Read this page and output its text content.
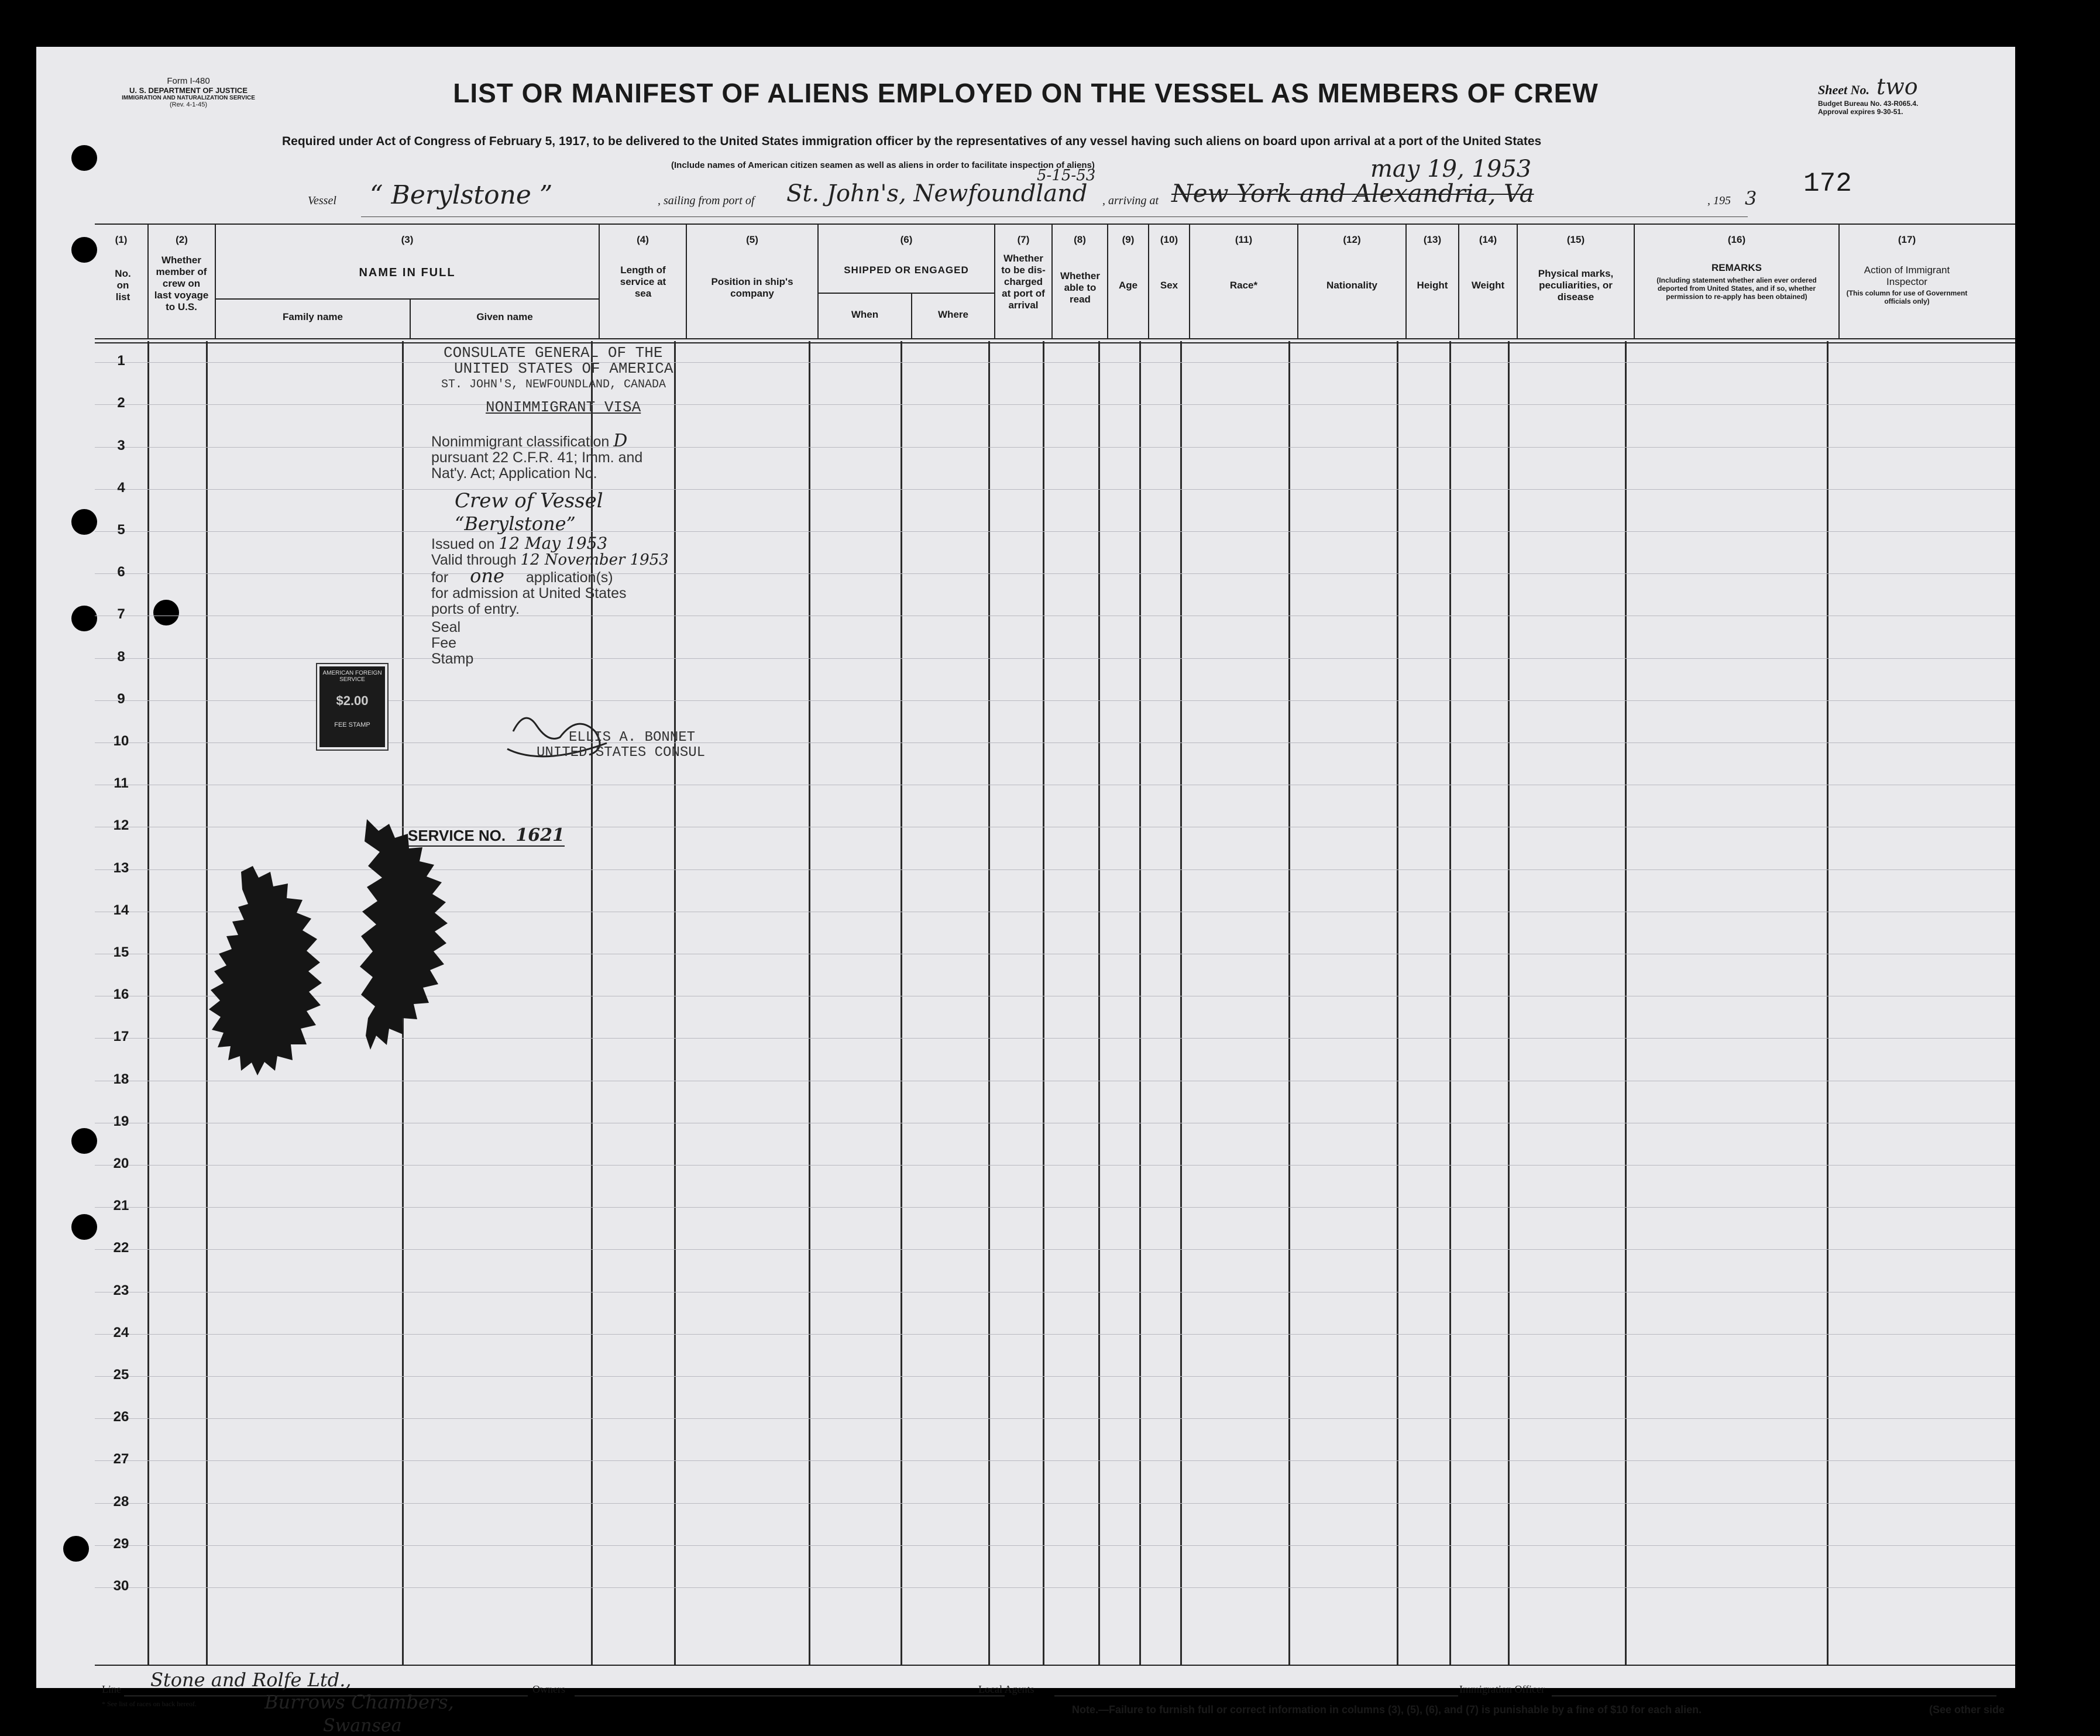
Form I-480
U. S. DEPARTMENT OF JUSTICE
IMMIGRATION AND NATURALIZATION SERVICE
(Rev. 4-1-45)	LIST OR MANIFEST OF ALIENS EMPLOYED ON THE VESSEL AS MEMBERS OF CREW	Sheet No. two
Budget Bureau No. 43-R065.4.
Approval expires 9-30-51.
Required under Act of Congress of February 5, 1917, to be delivered to the United States immigration officer by the representatives of any vessel having such aliens on board upon arrival at a port of the United States
(Include names of American citizen seamen as well as aliens in order to facilitate inspection of aliens)
Vessel “ Berylstone ”	, sailing from port of St. John's, Newfoundland
5-15-53
, arriving at New York and Alexandria, Va
may 19, 1953
, 195 3 172
(1)
No. on list
(2)
Whether member of crew on last voyage to U.S.
(3)
NAME IN FULL
Family name	Given name
(4)
Length of service at sea
(5)
Position in ship's company
(6)
SHIPPED OR ENGAGED
When	Where
(7)
Whether to be dis-charged at port of arrival
(8)
Whether able to read
(9)
Age
(10)
Sex
(11)
Race*
(12)
Nationality
(13)
Height
(14)
Weight
(15)
Physical marks, peculiarities, or disease
(16)
REMARKS
(Including statement whether alien ever ordered deported from United States, and if so, whether permission to re-apply has been obtained)
(17)
Action of Immigrant Inspector
(This column for use of Government officials only)
1
2
3
4
5
6
7
8
9
10
11
12
13
14
15
16
17
18
19
20
21
22
23
24
25
26
27
28
29
30
CONSULATE GENERAL OF THE
UNITED STATES OF AMERICA
ST. JOHN'S, NEWFOUNDLAND, CANADA
NONIMMIGRANT VISA
Nonimmigrant classification D
pursuant 22 C.F.R. 41; Imm. and
Nat'y. Act; Application No.
Crew of Vessel
“Berylstone”
Issued on 12 May 1953
Valid through 12 November 1953
for one application(s)
for admission at United States
ports of entry.
Seal
Fee
Stamp
ELLIS A. BONNET
UNITED STATES CONSUL
AMERICAN FOREIGN SERVICE
$2.00
FEE STAMP
SERVICE NO. 1621
Line Stone and Rolfe Ltd.,	Owners	Local Agents	Immigration Officer
* See list of races on back hereof.	Burrows Chambers,
Swansea
Note.—Failure to furnish full or correct information in columns (3), (5), (6), and (7) is punishable by a fine of $10 for each alien.	(See other side
